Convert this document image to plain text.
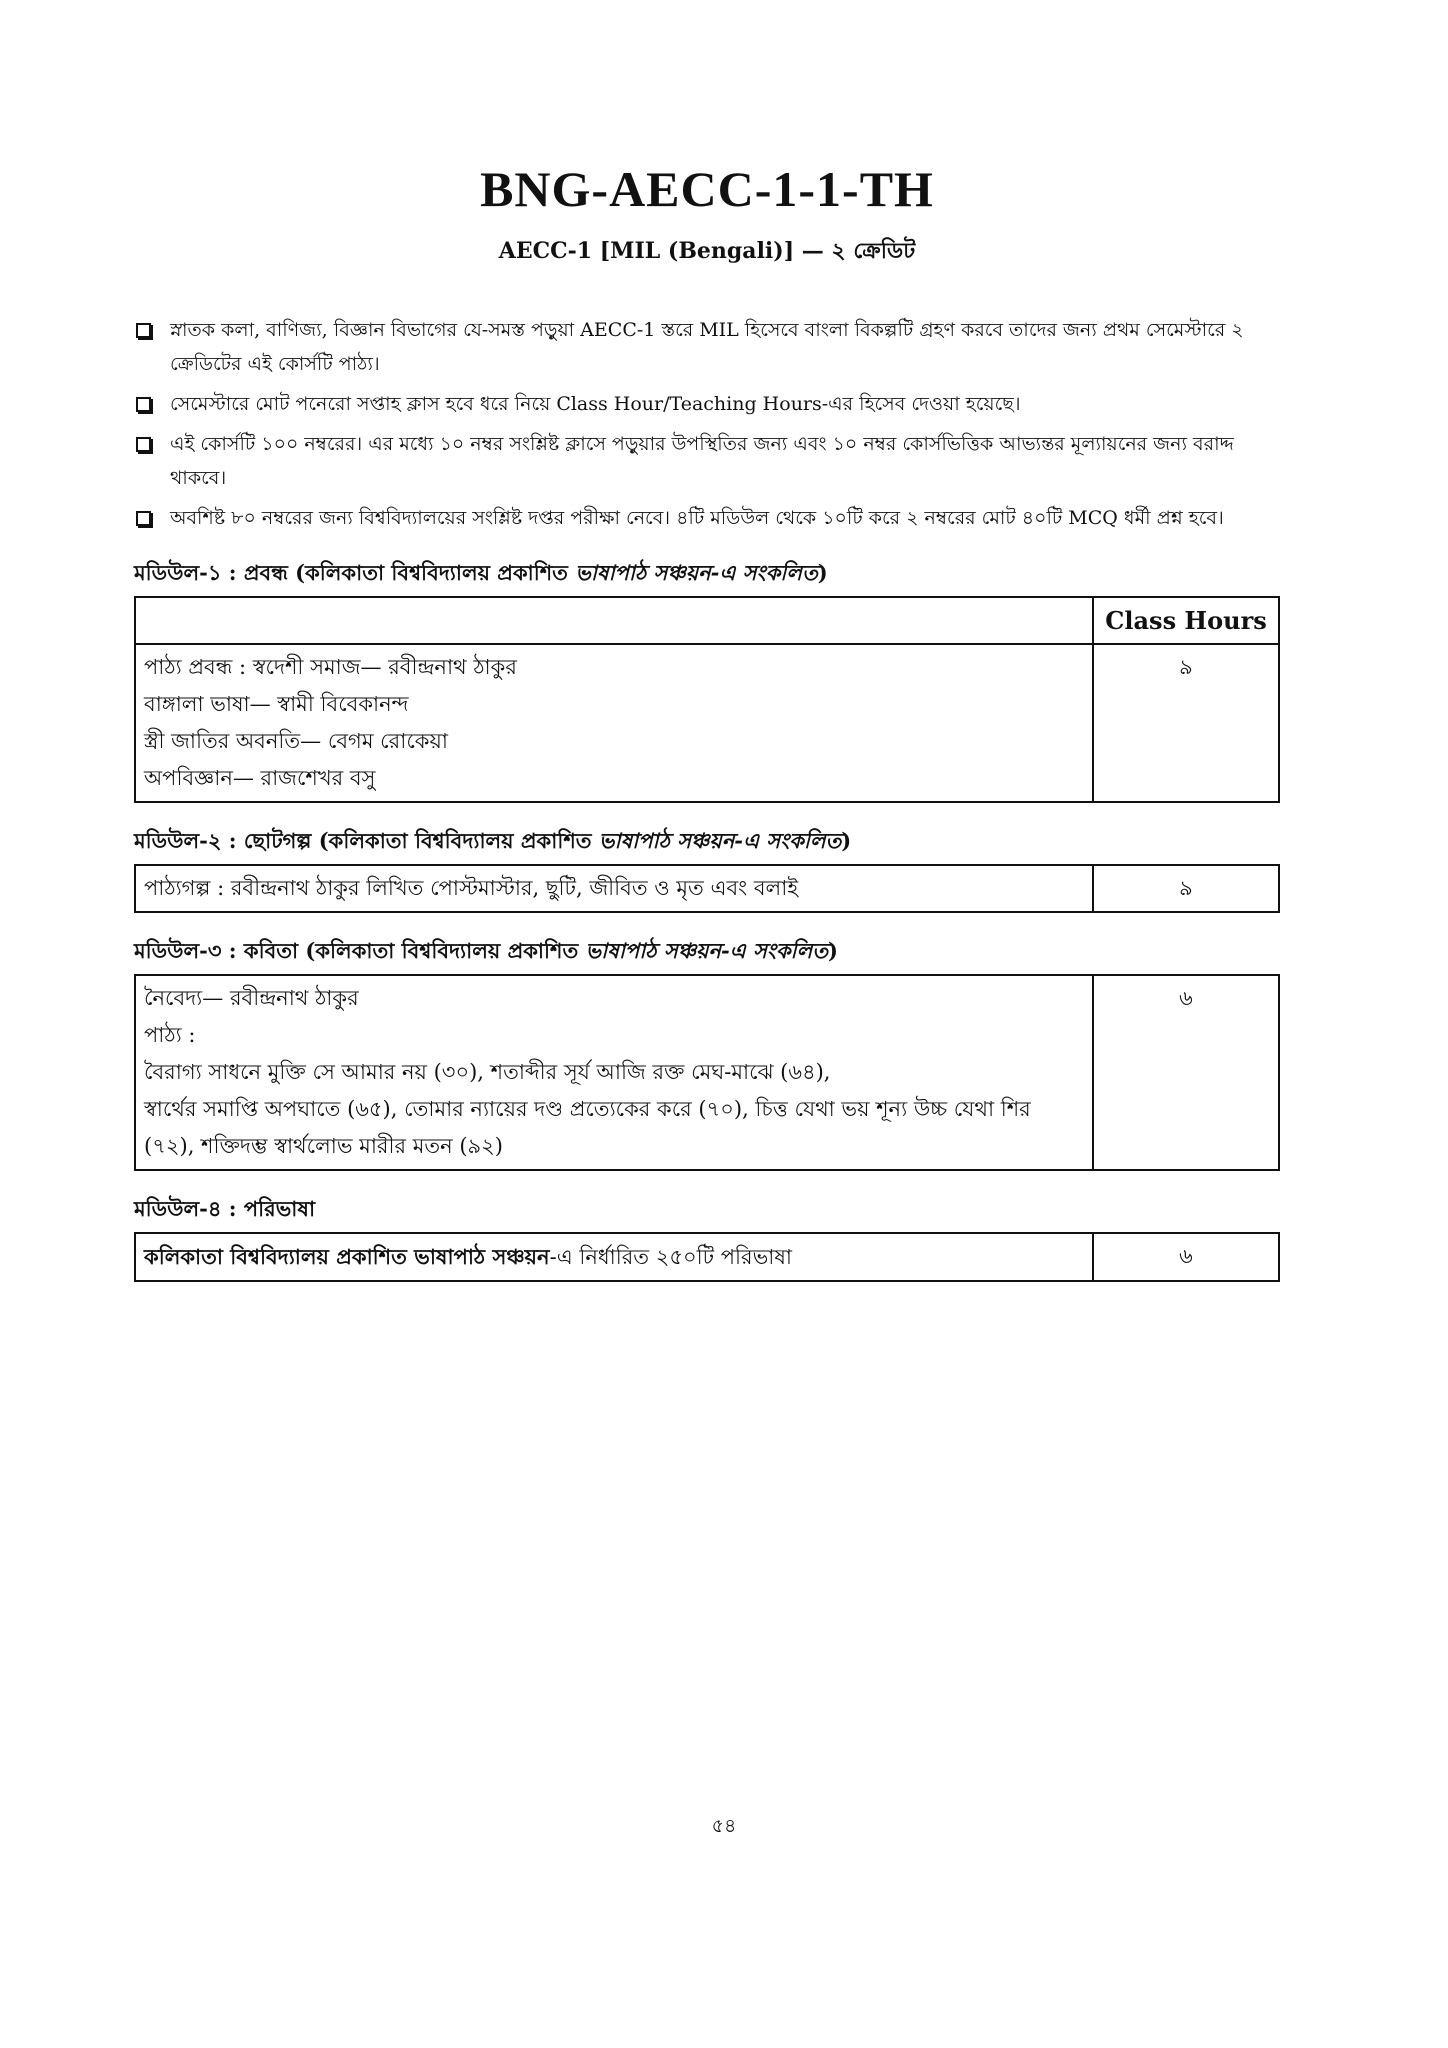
BNG-AECC-1-1-TH
AECC-1 [MIL (Bengali)] — ২ ক্রেডিট
স্নাতক কলা, বাণিজ্য, বিজ্ঞান বিভাগের যে-সমস্ত পড়ুয়া AECC-1 স্তরে MIL হিসেবে বাংলা বিকল্পটি গ্রহণ করবে তাদের জন্য প্রথম সেমেস্টারে ২ ক্রেডিটের এই কোর্সটি পাঠ্য।
সেমেস্টারে মোট পনেরো সপ্তাহ ক্লাস হবে ধরে নিয়ে Class Hour/Teaching Hours-এর হিসেব দেওয়া হয়েছে।
এই কোর্সটি ১০০ নম্বরের। এর মধ্যে ১০ নম্বর সংশ্লিষ্ট ক্লাসে পড়ুয়ার উপস্থিতির জন্য এবং ১০ নম্বর কোর্সভিত্তিক আভ্যন্তর মূল্যায়নের জন্য বরাদ্দ থাকবে।
অবশিষ্ট ৮০ নম্বরের জন্য বিশ্ববিদ্যালয়ের সংশ্লিষ্ট দপ্তর পরীক্ষা নেবে। ৪টি মডিউল থেকে ১০টি করে ২ নম্বরের মোট ৪০টি MCQ ধর্মী প্রশ্ন হবে।
মডিউল-১ : প্রবন্ধ (কলিকাতা বিশ্ববিদ্যালয় প্রকাশিত ভাষাপাঠ সঞ্চয়ন-এ সংকলিত)
	Class Hours

পাঠ্য প্রবন্ধ : স্বদেশী সমাজ— রবীন্দ্রনাথ ঠাকুর
বাঙ্গালা ভাষা— স্বামী বিবেকানন্দ
স্ত্রী জাতির অবনতি— বেগম রোকেয়া
অপবিজ্ঞান— রাজশেখর বসু	৯
মডিউল-২ : ছোটগল্প (কলিকাতা বিশ্ববিদ্যালয় প্রকাশিত ভাষাপাঠ সঞ্চয়ন-এ সংকলিত)
পাঠ্যগল্প : রবীন্দ্রনাথ ঠাকুর লিখিত পোস্টমাস্টার, ছুটি, জীবিত ও মৃত এবং বলাই	৯
মডিউল-৩ : কবিতা (কলিকাতা বিশ্ববিদ্যালয় প্রকাশিত ভাষাপাঠ সঞ্চয়ন-এ সংকলিত)
নৈবেদ্য— রবীন্দ্রনাথ ঠাকুর
পাঠ্য :
বৈরাগ্য সাধনে মুক্তি সে আমার নয় (৩০), শতাব্দীর সূর্য আজি রক্ত মেঘ-মাঝে (৬৪),
স্বার্থের সমাপ্তি অপঘাতে (৬৫), তোমার ন্যায়ের দণ্ড প্রত্যেকের করে (৭০), চিত্ত যেথা ভয় শূন্য উচ্চ যেথা শির
(৭২), শক্তিদম্ভ স্বার্থলোভ মারীর মতন (৯২)
	৬
মডিউল-৪ : পরিভাষা
কলিকাতা বিশ্ববিদ্যালয় প্রকাশিত ভাষাপাঠ সঞ্চয়ন-এ নির্ধারিত ২৫০টি পরিভাষা	৬
৫৪
